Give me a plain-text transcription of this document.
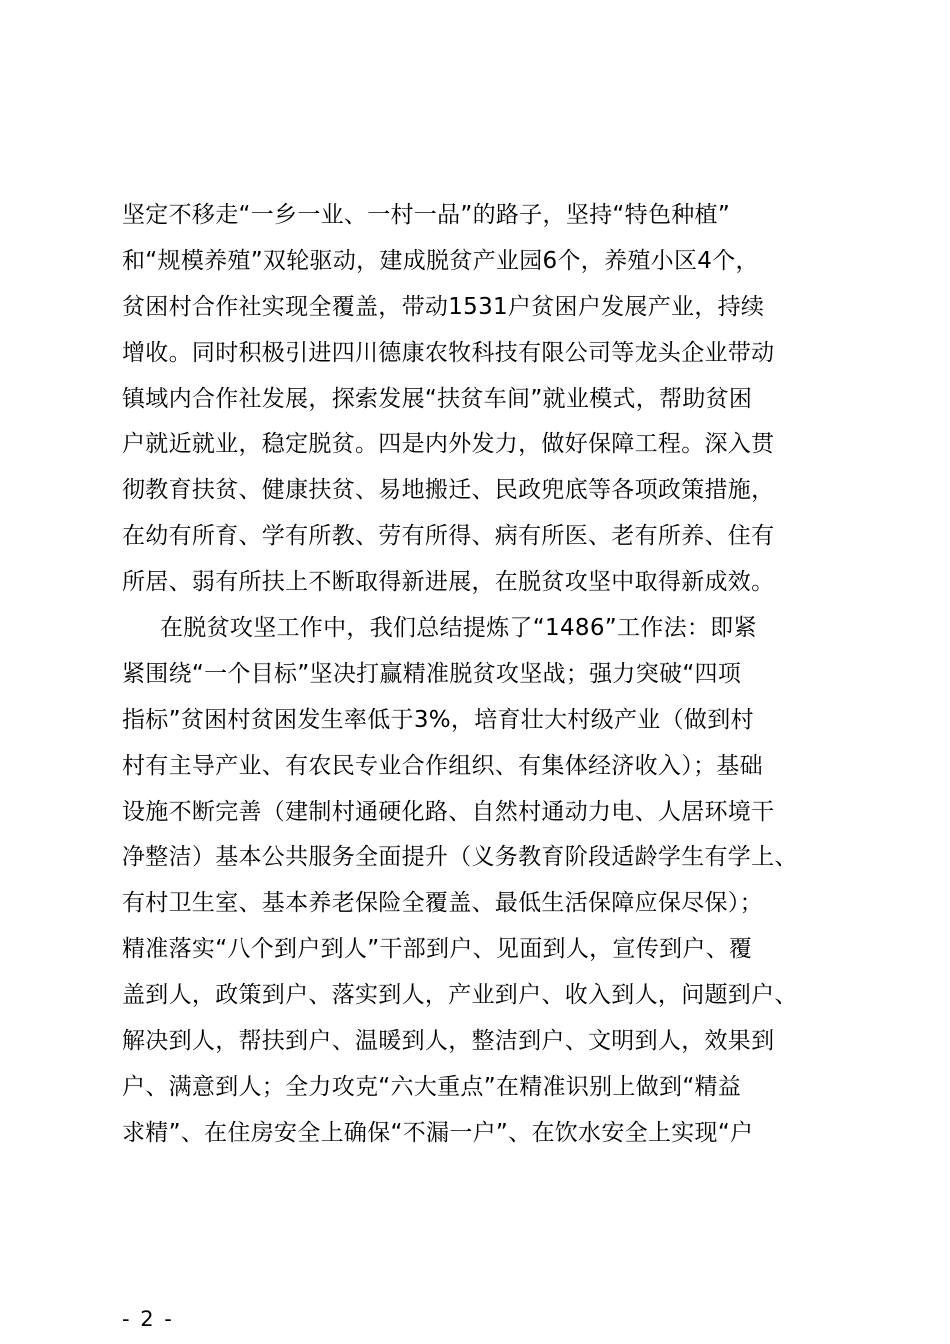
坚定不移走“一乡一业、一村一品”的路子，坚持“特色种植”
和“规模养殖”双轮驱动，建成脱贫产业园6个，养殖小区4个，
贫困村合作社实现全覆盖，带动1531户贫困户发展产业，持续
增收。同时积极引进四川德康农牧科技有限公司等龙头企业带动
镇域内合作社发展，探索发展“扶贫车间”就业模式，帮助贫困
户就近就业，稳定脱贫。四是内外发力，做好保障工程。深入贯
彻教育扶贫、健康扶贫、易地搬迁、民政兜底等各项政策措施，
在幼有所育、学有所教、劳有所得、病有所医、老有所养、住有
所居、弱有所扶上不断取得新进展，在脱贫攻坚中取得新成效。
在脱贫攻坚工作中，我们总结提炼了“1486”工作法：即紧
紧围绕“一个目标”坚决打赢精准脱贫攻坚战；强力突破“四项
指标”贫困村贫困发生率低于3%，培育壮大村级产业（做到村
村有主导产业、有农民专业合作组织、有集体经济收入）；基础
设施不断完善（建制村通硬化路、自然村通动力电、人居环境干
净整洁）基本公共服务全面提升（义务教育阶段适龄学生有学上、
有村卫生室、基本养老保险全覆盖、最低生活保障应保尽保）；
精准落实“八个到户到人”干部到户、见面到人，宣传到户、覆
盖到人，政策到户、落实到人，产业到户、收入到人，问题到户、
解决到人，帮扶到户、温暖到人，整洁到户、文明到人，效果到
户、满意到人；全力攻克“六大重点”在精准识别上做到“精益
求精”、在住房安全上确保“不漏一户”、在饮水安全上实现“户
- 2 -
